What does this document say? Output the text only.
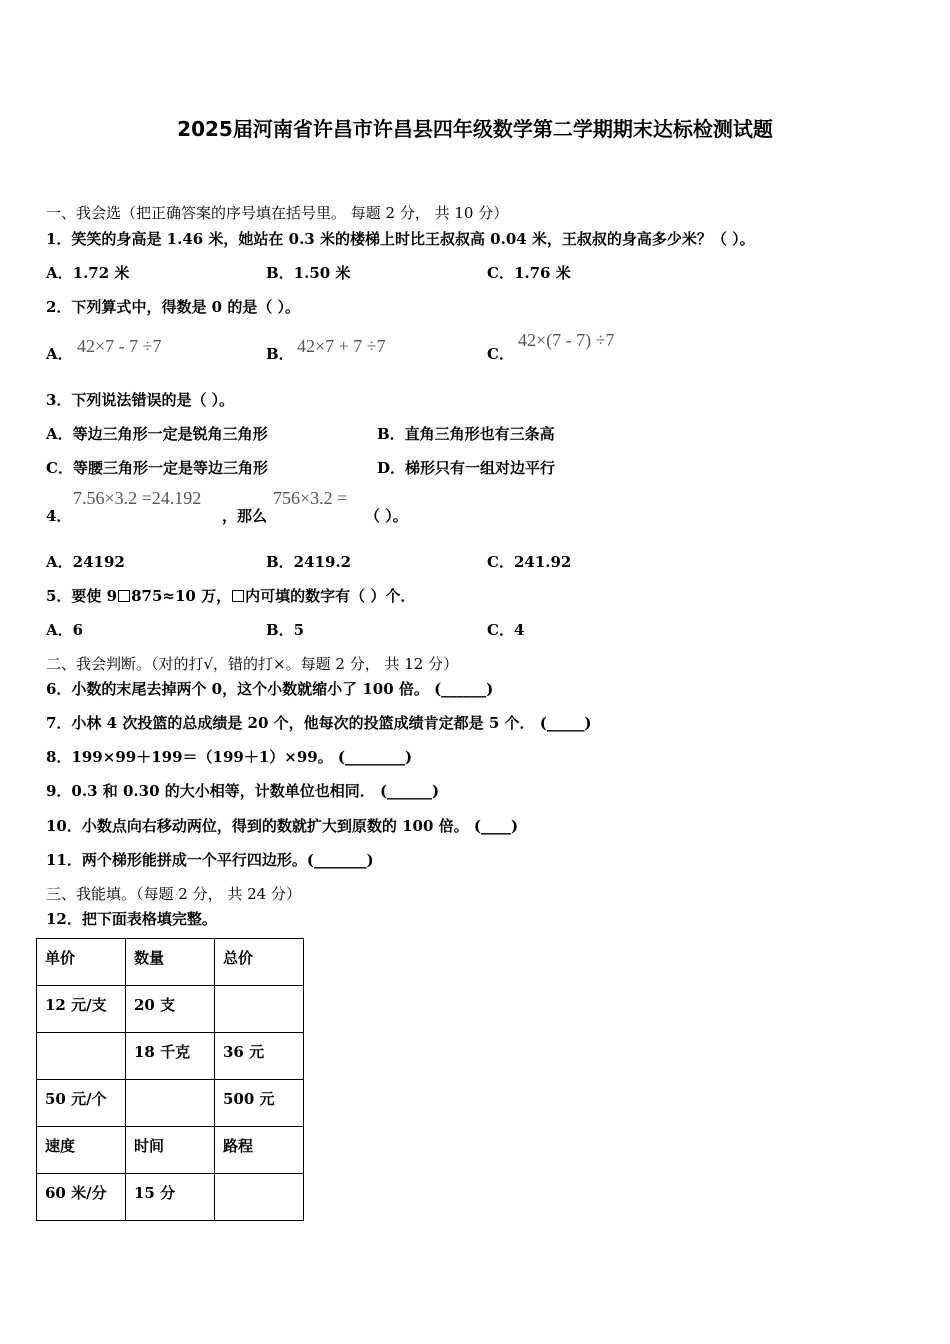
2025届河南省许昌市许昌县四年级数学第二学期期末达标检测试题
一、我会选（把正确答案的序号填在括号里。 每题 2 分， 共 10 分）
1．笑笑的身高是 1.46 米，她站在 0.3 米的楼梯上时比王叔叔高 0.04 米，王叔叔的身高多少米？（ ）。
A．1.72 米	B．1.50 米	C．1.76 米
2．下列算式中，得数是 0 的是（ ）。
A． 42×7 - 7 ÷7	B． 42×7 + 7 ÷7	C．
42×(7 - 7) ÷7
3．下列说法错误的是（ ）。
A．等边三角形一定是锐角三角形	B．直角三角形也有三条高
C．等腰三角形一定是等边三角形	D．梯形只有一组对边平行
4．
7.56×3.2 =24.192
，那么
756×3.2 =
（ ）。
A．24192	B．2419.2	C．241.92
5．要使 9 875≈10 万， 内可填的数字有（ ）个．
A．6	B．5	C．4
二、我会判断。（对的打√，错的打×。每题 2 分， 共 12 分）
6．小数的末尾去掉两个 0，这个小数就缩小了 100 倍。 (______)
7．小林 4 次投篮的总成绩是 20 个，他每次的投篮成绩肯定都是 5 个． (_____)
8．199×99＋199＝（199＋1）×99。 (________)
9．0.3 和 0.30 的大小相等，计数单位也相同． (______)
10．小数点向右移动两位，得到的数就扩大到原数的 100 倍。 (____)
11．两个梯形能拼成一个平行四边形。(_______)
三、我能填。（每题 2 分， 共 24 分）
12．把下面表格填完整。
单价	数量	总价
12 元/支	20 支	
	18 千克	36 元
50 元/个		500 元
速度	时间	路程
60 米/分	15 分	
